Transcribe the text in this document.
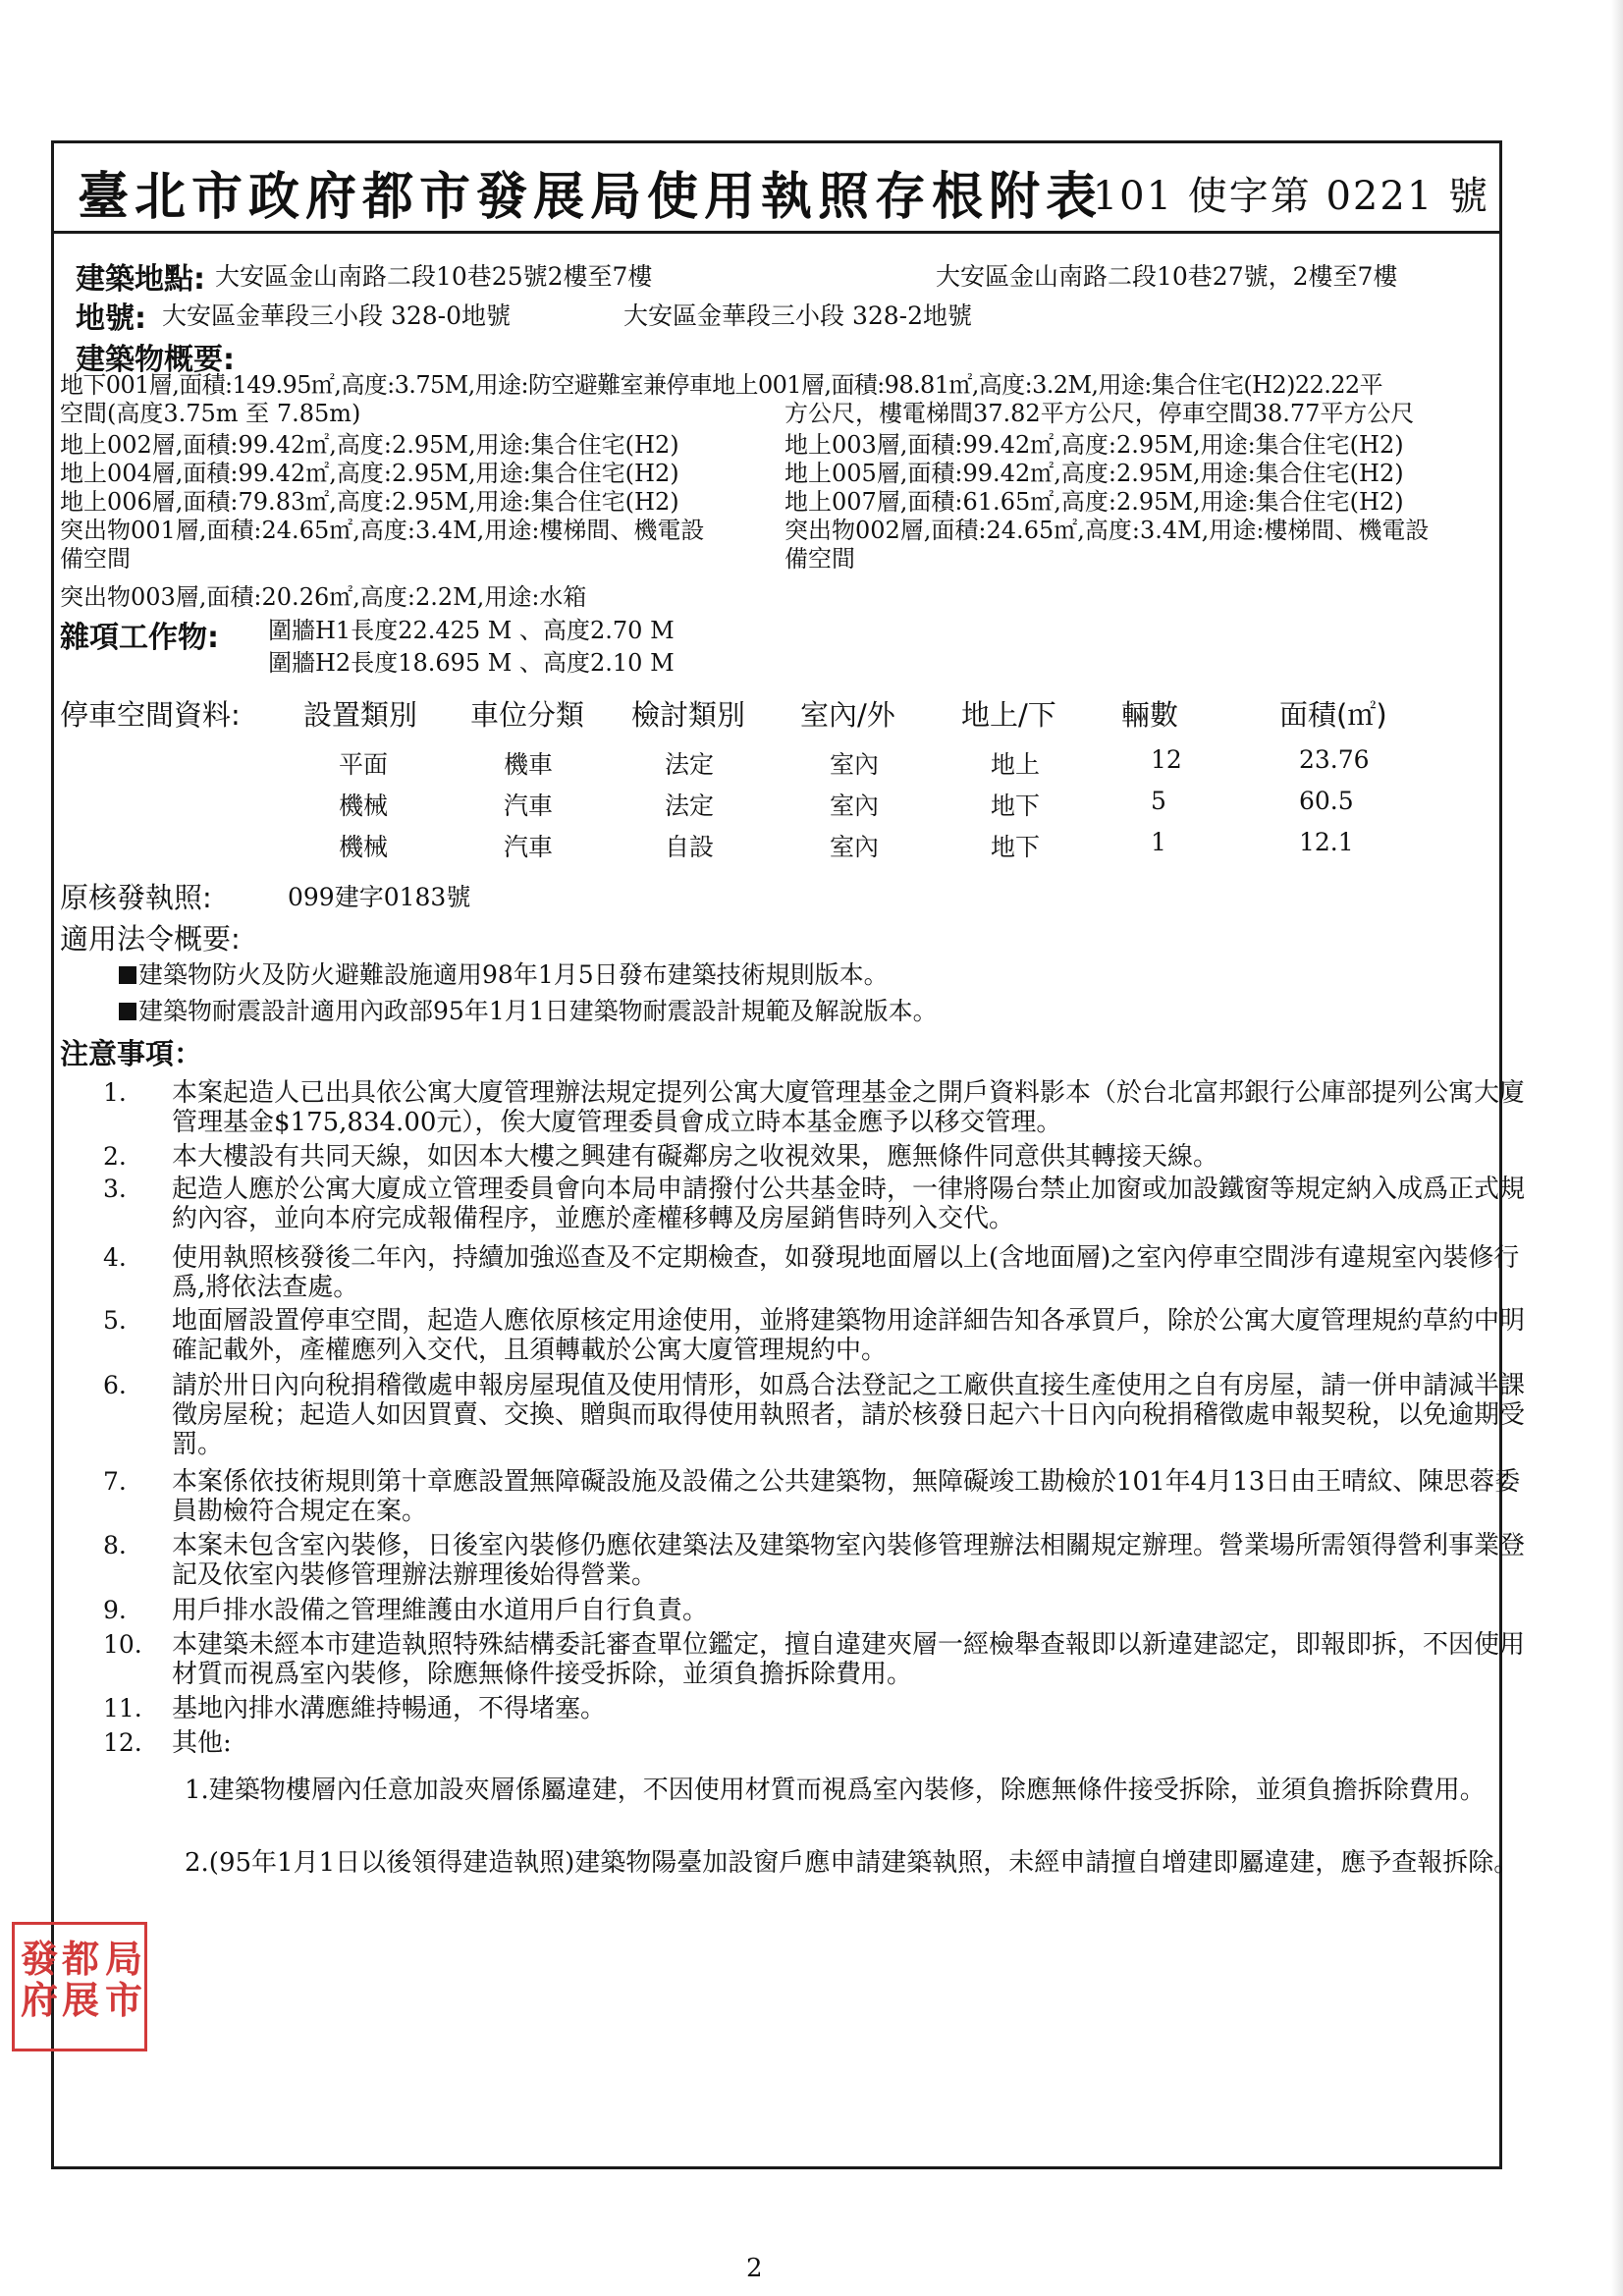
臺北市政府都市發展局使用執照存根附表
101 使字第 0221 號
建築地點: 大安區金山南路二段10巷25號2樓至7樓	大安區金山南路二段10巷27號，2樓至7樓
地號: 大安區金華段三小段 328-0地號	大安區金華段三小段 328-2地號
建築物概要:
地下001層,面積:149.95㎡,高度:3.75M,用途:防空避難室兼停車地上001層,面積:98.81㎡,高度:3.2M,用途:集合住宅(H2)22.22平
空間(高度3.75m 至 7.85m)	方公尺，樓電梯間37.82平方公尺，停車空間38.77平方公尺
地上002層,面積:99.42㎡,高度:2.95M,用途:集合住宅(H2)	地上003層,面積:99.42㎡,高度:2.95M,用途:集合住宅(H2)
地上004層,面積:99.42㎡,高度:2.95M,用途:集合住宅(H2)	地上005層,面積:99.42㎡,高度:2.95M,用途:集合住宅(H2)
地上006層,面積:79.83㎡,高度:2.95M,用途:集合住宅(H2)	地上007層,面積:61.65㎡,高度:2.95M,用途:集合住宅(H2)
突出物001層,面積:24.65㎡,高度:3.4M,用途:樓梯間、機電設	突出物002層,面積:24.65㎡,高度:3.4M,用途:樓梯間、機電設
備空間	備空間
突出物003層,面積:20.26㎡,高度:2.2M,用途:水箱
雜項工作物: 圍牆H1長度22.425 M 、高度2.70 M
圍牆H2長度18.695 M 、高度2.10 M
停車空間資料: 設置類別 車位分類 檢討類別 室內/外 地上/下 輛數	面積(㎡)
平面	機車	法定	室內	地上	12	23.76
機械	汽車	法定	室內	地下	5	60.5
機械	汽車	自設	室內	地下	1	12.1
原核發執照:	099建字0183號
適用法令概要:
建築物防火及防火避難設施適用98年1月5日發布建築技術規則版本。
建築物耐震設計適用內政部95年1月1日建築物耐震設計規範及解說版本。
注意事項：
1.	本案起造人已出具依公寓大廈管理辦法規定提列公寓大廈管理基金之開戶資料影本（於台北富邦銀行公庫部提列公寓大廈管理基金$175,834.00元），俟大廈管理委員會成立時本基金應予以移交管理。
2.	本大樓設有共同天線，如因本大樓之興建有礙鄰房之收視效果，應無條件同意供其轉接天線。
3.	起造人應於公寓大廈成立管理委員會向本局申請撥付公共基金時，一律將陽台禁止加窗或加設鐵窗等規定納入成爲正式規約內容，並向本府完成報備程序，並應於產權移轉及房屋銷售時列入交代。
4.	使用執照核發後二年內，持續加強巡查及不定期檢查，如發現地面層以上(含地面層)之室內停車空間涉有違規室內裝修行爲,將依法查處。
5.	地面層設置停車空間，起造人應依原核定用途使用，並將建築物用途詳細告知各承買戶，除於公寓大廈管理規約草約中明確記載外，產權應列入交代，且須轉載於公寓大廈管理規約中。
6.	請於卅日內向稅捐稽徵處申報房屋現值及使用情形，如爲合法登記之工廠供直接生產使用之自有房屋，請一併申請減半課徵房屋稅；起造人如因買賣、交換、贈與而取得使用執照者，請於核發日起六十日內向稅捐稽徵處申報契稅，以免逾期受罰。
7.	本案係依技術規則第十章應設置無障礙設施及設備之公共建築物，無障礙竣工勘檢於101年4月13日由王晴紋、陳思蓉委員勘檢符合規定在案。
8.	本案未包含室內裝修，日後室內裝修仍應依建築法及建築物室內裝修管理辦法相關規定辦理。營業場所需領得營利事業登記及依室內裝修管理辦法辦理後始得營業。
9.	用戶排水設備之管理維護由水道用戶自行負責。
10.	本建築未經本市建造執照特殊結構委託審查單位鑑定，擅自違建夾層一經檢舉查報即以新違建認定，即報即拆，不因使用材質而視爲室內裝修，除應無條件接受拆除，並須負擔拆除費用。
11.	基地內排水溝應維持暢通，不得堵塞。
12.	其他:
1.建築物樓層內任意加設夾層係屬違建，不因使用材質而視爲室內裝修，除應無條件接受拆除，並須負擔拆除費用。
2.(95年1月1日以後領得建造執照)建築物陽臺加設窗戶應申請建築執照，未經申請擅自增建即屬違建，應予查報拆除。
局
都
市
展
發
府
2
